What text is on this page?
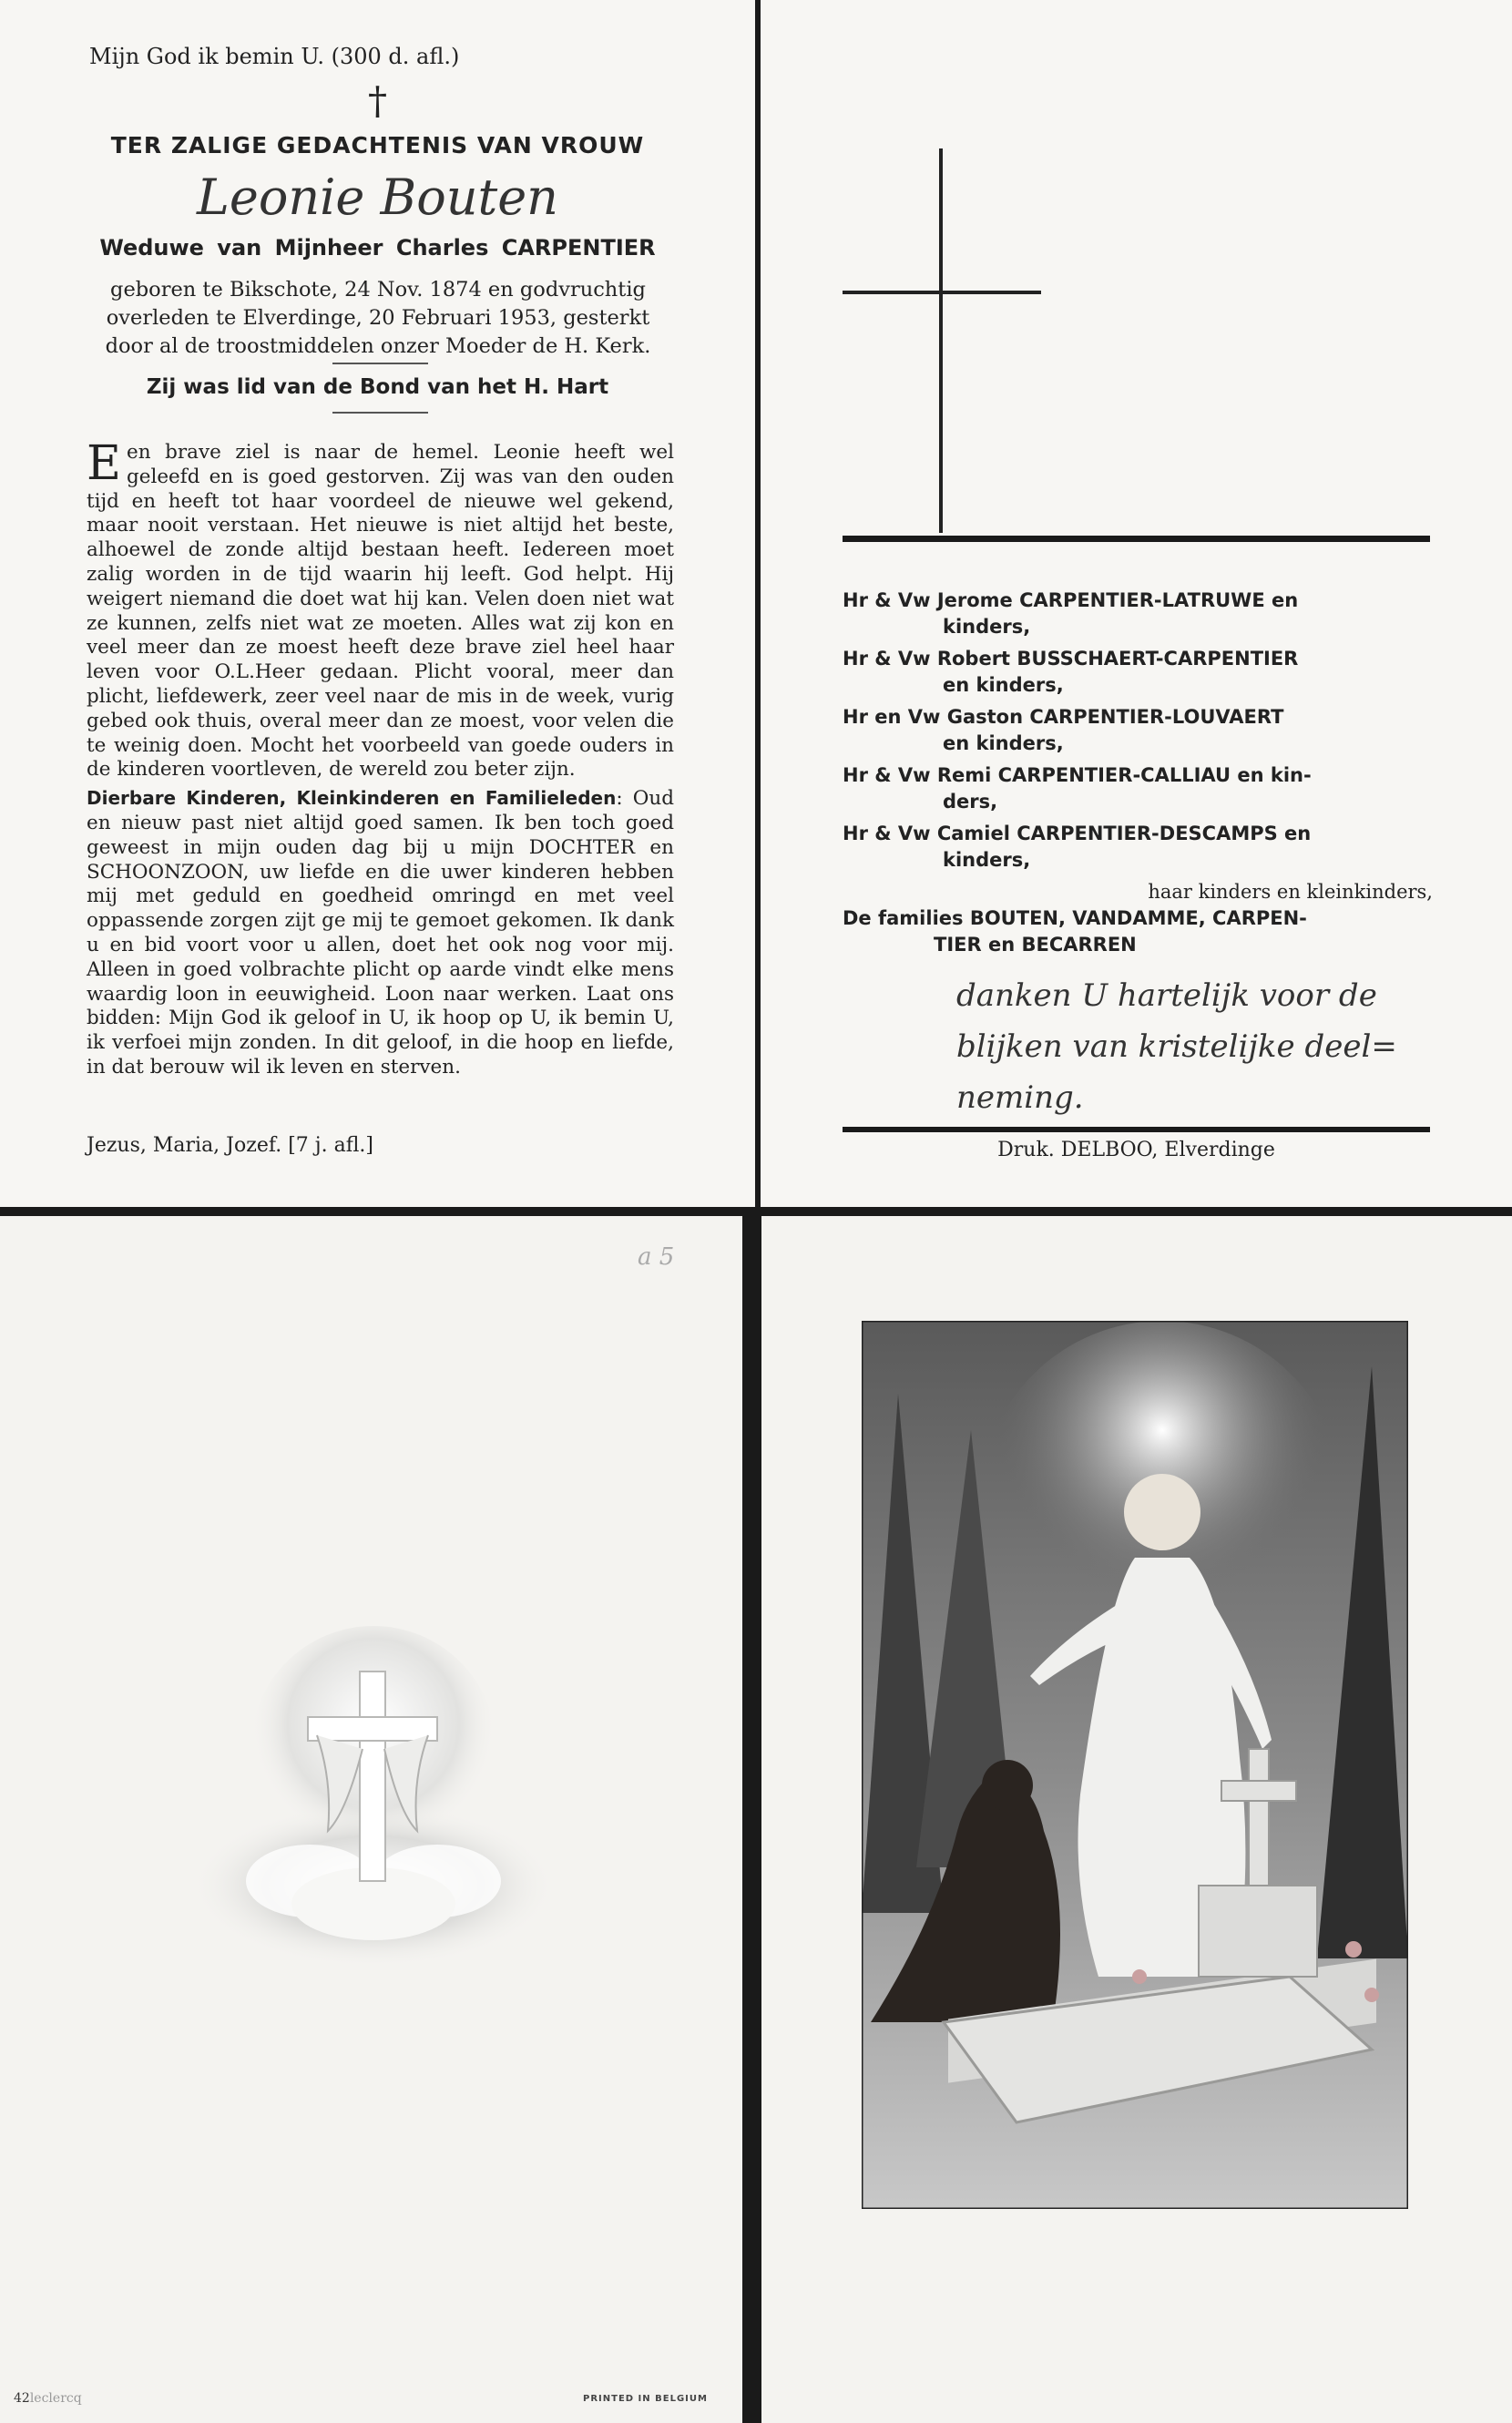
Mijn God ik bemin U. (300 d. afl.)
†
TER ZALIGE GEDACHTENIS VAN VROUW
Leonie Bouten
Weduwe van Mijnheer Charles CARPENTIER
geboren te Bikschote, 24 Nov. 1874 en godvruchtig
overleden te Elverdinge, 20 Februari 1953, gesterkt
door al de troostmiddelen onzer Moeder de H. Kerk.
Zij was lid van de Bond van het H. Hart

Een brave ziel is naar de hemel. Leonie heeft wel geleefd en is goed gestorven. Zij was van den ouden tijd en heeft tot haar voordeel de nieuwe wel gekend, maar nooit verstaan. Het nieuwe is niet altijd het beste, alhoewel de zonde altijd bestaan heeft. Iedereen moet zalig worden in de tijd waarin hij leeft. God helpt. Hij weigert niemand die doet wat hij kan. Velen doen niet wat ze kunnen, zelfs niet wat ze moeten. Alles wat zij kon en veel meer dan ze moest heeft deze brave ziel heel haar leven voor O.L.Heer gedaan. Plicht vooral, meer dan plicht, liefdewerk, zeer veel naar de mis in de week, vurig gebed ook thuis, overal meer dan ze moest, voor velen die te weinig doen. Mocht het voorbeeld van goede ouders in de kinderen voortleven, de wereld zou beter zijn.

Dierbare Kinderen, Kleinkinderen en Familieleden: Oud en nieuw past niet altijd goed samen. Ik ben toch goed geweest in mijn ouden dag bij u mijn DOCHTER en SCHOONZOON, uw liefde en die uwer kinderen hebben mij met geduld en goedheid omringd en met veel oppassende zorgen zijt ge mij te gemoet gekomen. Ik dank u en bid voort voor u allen, doet het ook nog voor mij. Alleen in goed volbrachte plicht op aarde vindt elke mens waardig loon in eeuwigheid. Loon naar werken. Laat ons bidden: Mijn God ik geloof in U, ik hoop op U, ik bemin U, ik verfoei mijn zonden. In dit geloof, in die hoop en liefde, in dat berouw wil ik leven en sterven.

Jezus, Maria, Jozef. [7 j. afl.]
Hr & Vw Jerome CARPENTIER-LATRUWE en
kinders,
Hr & Vw Robert BUSSCHAERT-CARPENTIER
en kinders,
Hr en Vw Gaston CARPENTIER-LOUVAERT
en kinders,
Hr & Vw Remi CARPENTIER-CALLIAU en kin-
ders,
Hr & Vw Camiel CARPENTIER-DESCAMPS en
kinders,
haar kinders en kleinkinders,
De families BOUTEN, VANDAMME, CARPEN-
TIER en BECARREN
danken U hartelijk voor de
blijken van kristelijke deel=
neming.
Druk. DELBOO, Elverdinge
a 5
42leclercq	PRINTED IN BELGIUM
